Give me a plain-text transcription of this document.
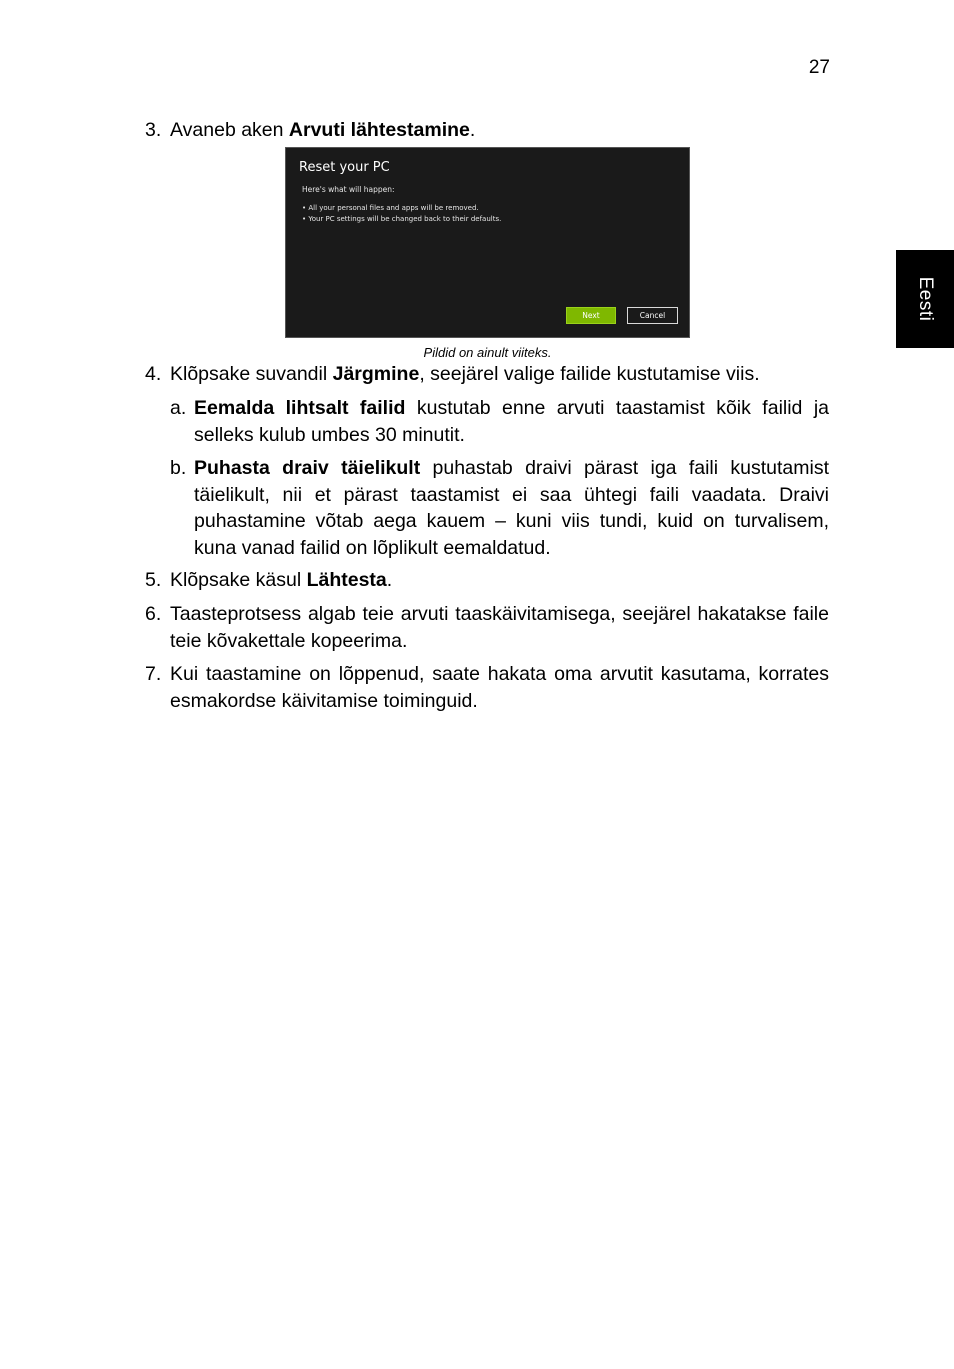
27
Eesti
3. Avaneb aken Arvuti lähtestamine.
Reset your PC
Here's what will happen:
• All your personal files and apps will be removed.
• Your PC settings will be changed back to their defaults.
Next	Cancel
Pildid on ainult viiteks.
4. Klõpsake suvandil Järgmine, seejärel valige failide kustutamise viis.
a. Eemalda lihtsalt failid kustutab enne arvuti taastamist kõik failid ja selleks kulub umbes 30 minutit.
b. Puhasta draiv täielikult puhastab draivi pärast iga faili kustutamist täielikult, nii et pärast taastamist ei saa ühtegi faili vaadata. Draivi puhastamine võtab aega kauem – kuni viis tundi, kuid on turvalisem, kuna vanad failid on lõplikult eemaldatud.
5. Klõpsake käsul Lähtesta.
6. Taasteprotsess algab teie arvuti taaskäivitamisega, seejärel hakatakse faile teie kõvakettale kopeerima.
7. Kui taastamine on lõppenud, saate hakata oma arvutit kasutama, korrates esmakordse käivitamise toiminguid.
